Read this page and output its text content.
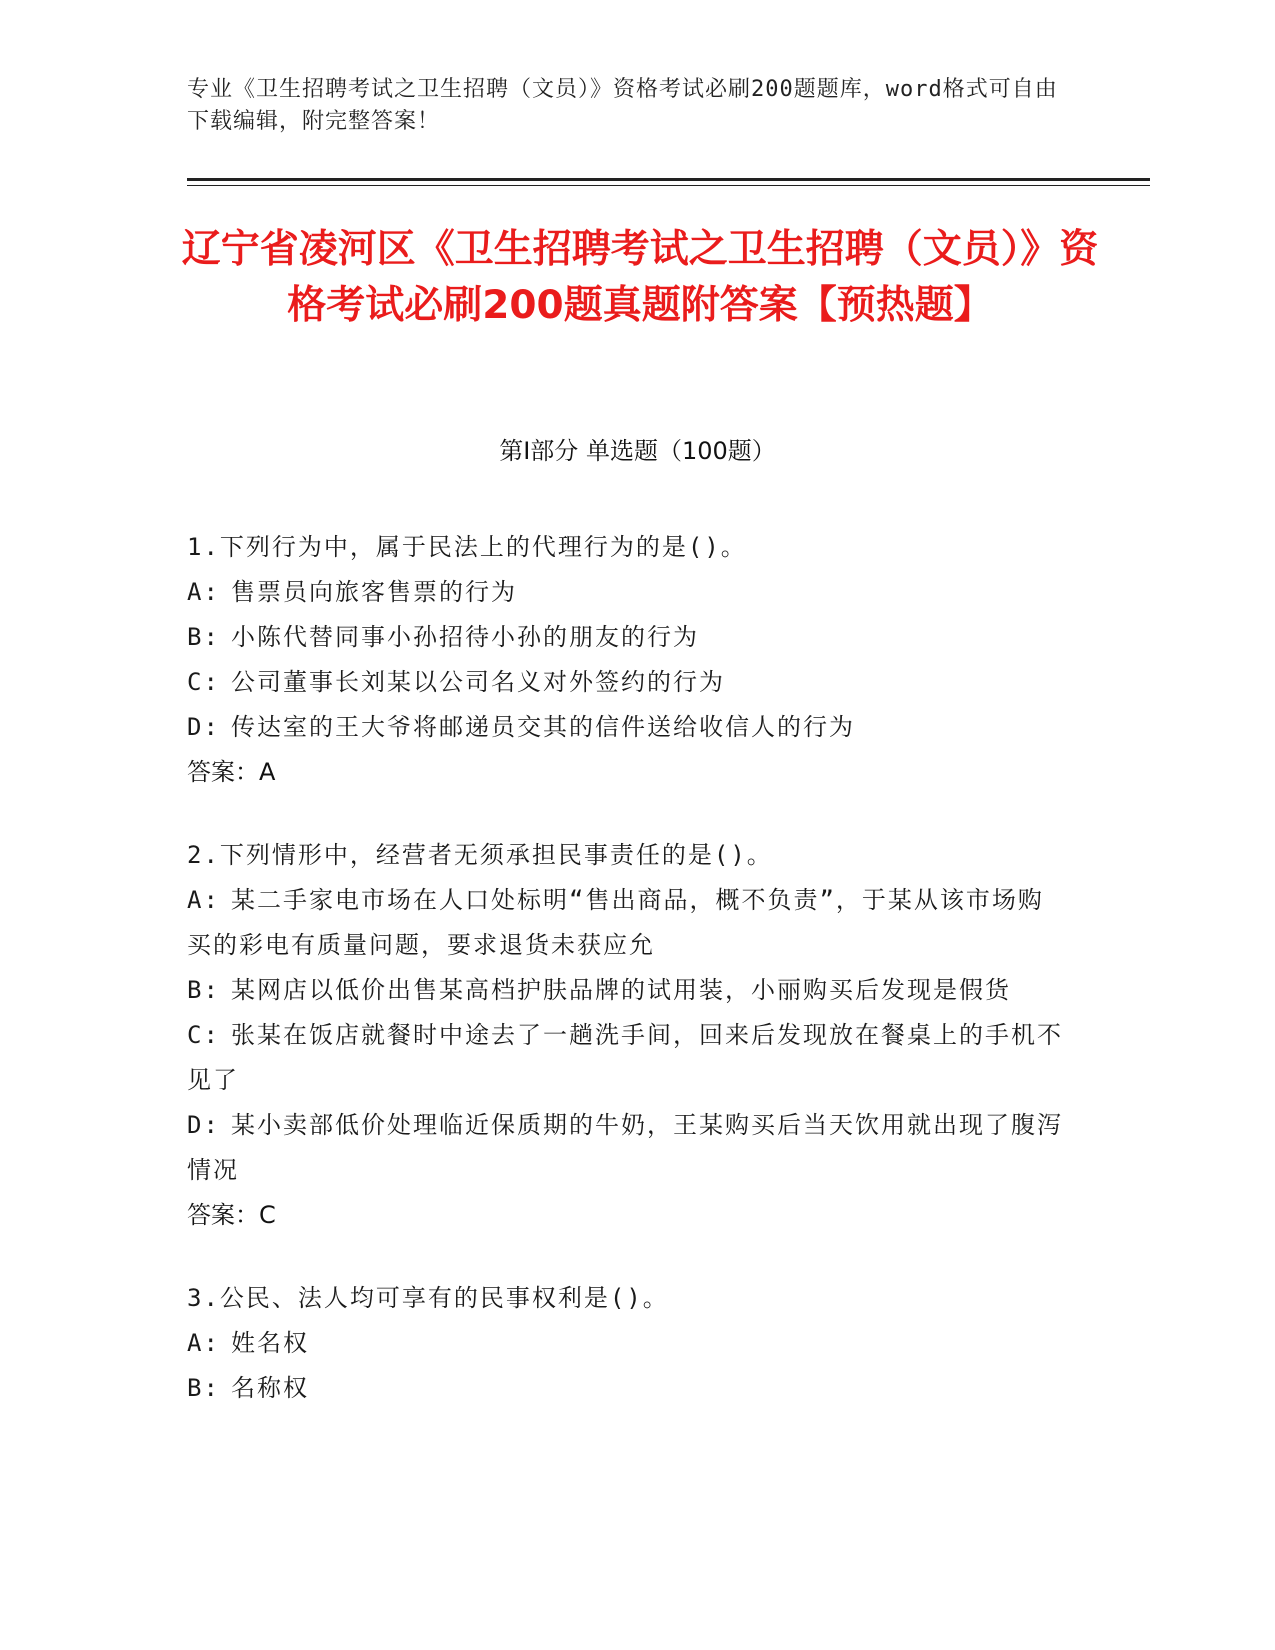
专业《卫生招聘考试之卫生招聘（文员）》资格考试必刷200题题库，word格式可自由下载编辑，附完整答案！
辽宁省凌河区《卫生招聘考试之卫生招聘（文员）》资格考试必刷200题真题附答案【预热题】
第I部分 单选题（100题）
1.下列行为中，属于民法上的代理行为的是()。
A: 售票员向旅客售票的行为
B: 小陈代替同事小孙招待小孙的朋友的行为
C: 公司董事长刘某以公司名义对外签约的行为
D: 传达室的王大爷将邮递员交其的信件送给收信人的行为
答案：A
2.下列情形中，经营者无须承担民事责任的是()。
A: 某二手家电市场在人口处标明“售出商品，概不负责”，于某从该市场购买的彩电有质量问题，要求退货未获应允
B: 某网店以低价出售某高档护肤品牌的试用装，小丽购买后发现是假货
C: 张某在饭店就餐时中途去了一趟洗手间，回来后发现放在餐桌上的手机不见了
D: 某小卖部低价处理临近保质期的牛奶，王某购买后当天饮用就出现了腹泻情况
答案：C
3.公民、法人均可享有的民事权利是()。
A: 姓名权
B: 名称权
